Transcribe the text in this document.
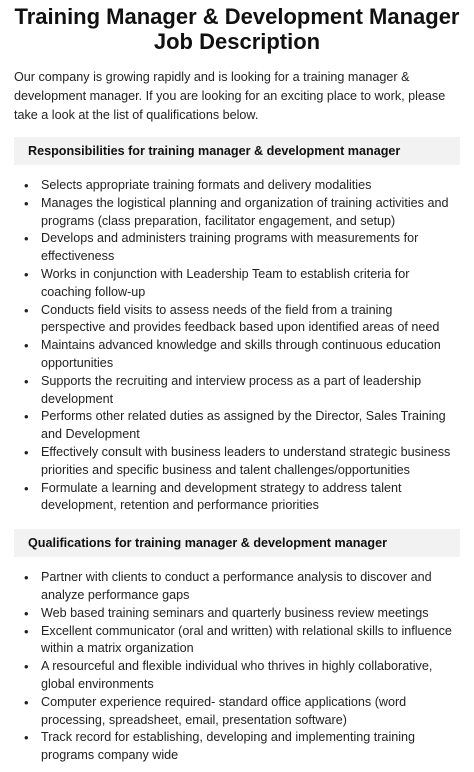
Training Manager & Development Manager Job Description

Our company is growing rapidly and is looking for a training manager & development manager. If you are looking for an exciting place to work, please take a look at the list of qualifications below.

Responsibilities for training manager & development manager
• Selects appropriate training formats and delivery modalities
• Manages the logistical planning and organization of training activities and programs (class preparation, facilitator engagement, and setup)
• Develops and administers training programs with measurements for effectiveness
• Works in conjunction with Leadership Team to establish criteria for coaching follow-up
• Conducts field visits to assess needs of the field from a training perspective and provides feedback based upon identified areas of need
• Maintains advanced knowledge and skills through continuous education opportunities
• Supports the recruiting and interview process as a part of leadership development
• Performs other related duties as assigned by the Director, Sales Training and Development
• Effectively consult with business leaders to understand strategic business priorities and specific business and talent challenges/opportunities
• Formulate a learning and development strategy to address talent development, retention and performance priorities
Qualifications for training manager & development manager
• Partner with clients to conduct a performance analysis to discover and analyze performance gaps
• Web based training seminars and quarterly business review meetings
• Excellent communicator (oral and written) with relational skills to influence within a matrix organization
• A resourceful and flexible individual who thrives in highly collaborative, global environments
• Computer experience required- standard office applications (word processing, spreadsheet, email, presentation software)
• Track record for establishing, developing and implementing training programs company wide
